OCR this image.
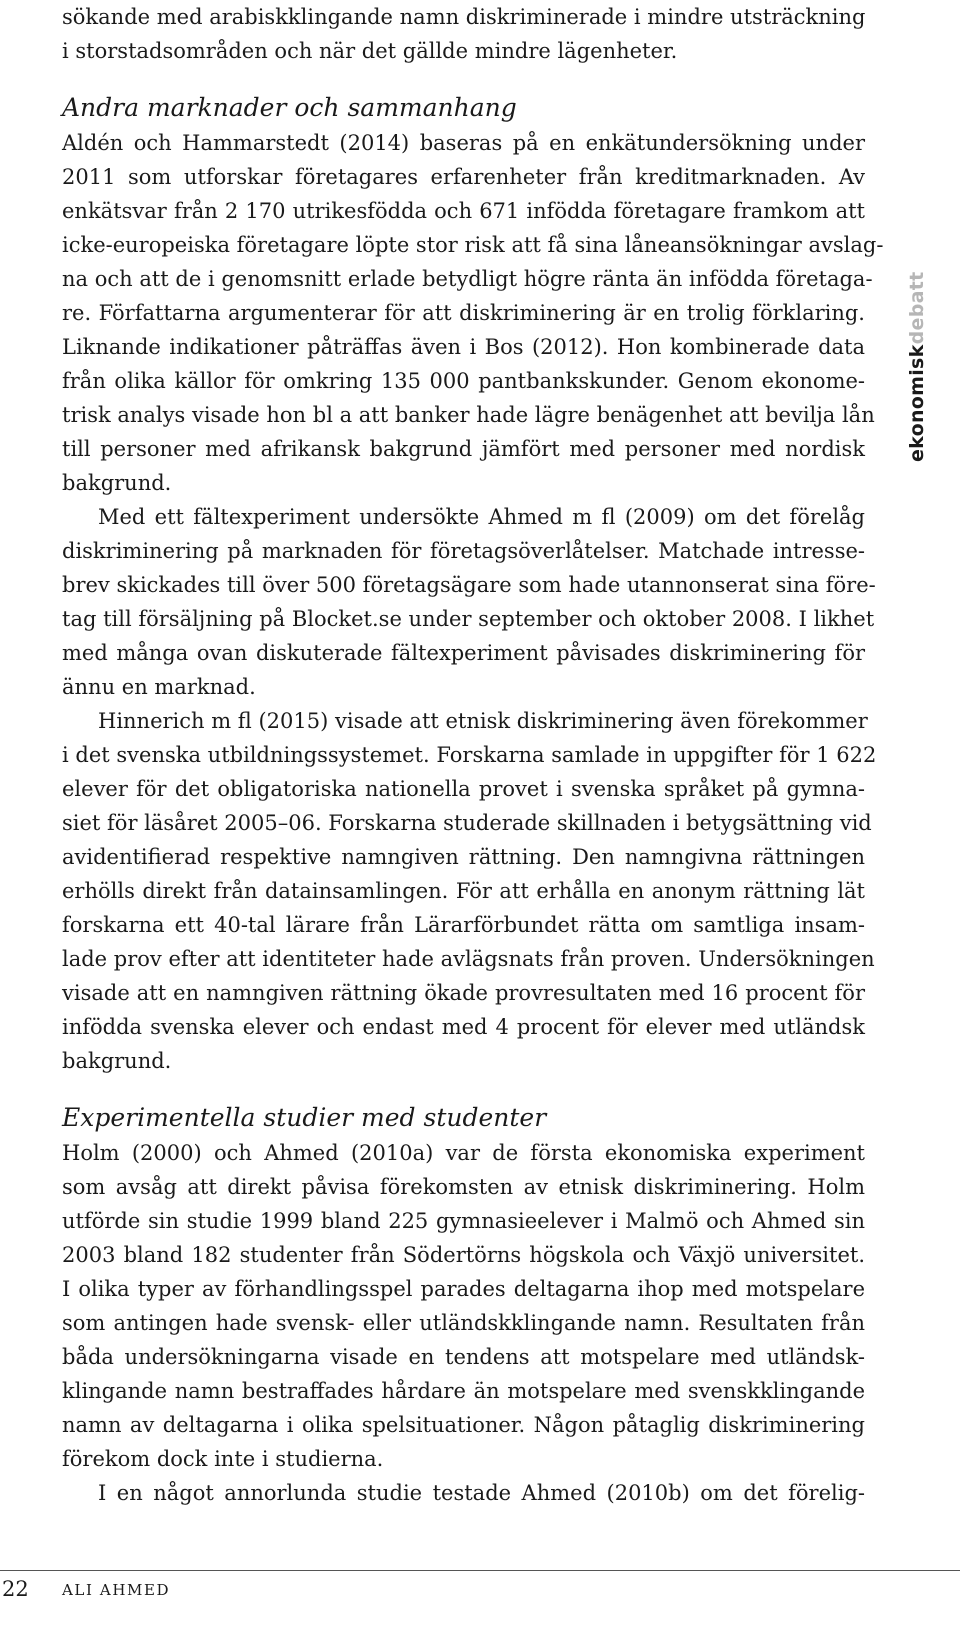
sökande med arabiskklingande namn diskriminerade i mindre utsträckning
i storstadsområden och när det gällde mindre lägenheter.
Andra marknader och sammanhang
Aldén och Hammarstedt (2014) baseras på en enkätundersökning under
2011 som utforskar företagares erfarenheter från kreditmarknaden. Av
enkätsvar från 2 170 utrikesfödda och 671 infödda företagare framkom att
icke-europeiska företagare löpte stor risk att få sina låneansökningar avslag-
na och att de i genomsnitt erlade betydligt högre ränta än infödda företaga-
re. Författarna argumenterar för att diskriminering är en trolig förklaring.
Liknande indikationer påträffas även i Bos (2012). Hon kombinerade data
från olika källor för omkring 135 000 pantbankskunder. Genom ekonome-
trisk analys visade hon bl a att banker hade lägre benägenhet att bevilja lån
till personer med afrikansk bakgrund jämfört med personer med nordisk
bakgrund.
Med ett fältexperiment undersökte Ahmed m fl (2009) om det förelåg
diskriminering på marknaden för företagsöverlåtelser. Matchade intresse-
brev skickades till över 500 företagsägare som hade utannonserat sina före-
tag till försäljning på Blocket.se under september och oktober 2008. I likhet
med många ovan diskuterade fältexperiment påvisades diskriminering för
ännu en marknad.
Hinnerich m fl (2015) visade att etnisk diskriminering även förekommer
i det svenska utbildningssystemet. Forskarna samlade in uppgifter för 1 622
elever för det obligatoriska nationella provet i svenska språket på gymna-
siet för läsåret 2005–06. Forskarna studerade skillnaden i betygsättning vid
avidentifierad respektive namngiven rättning. Den namngivna rättningen
erhölls direkt från datainsamlingen. För att erhålla en anonym rättning lät
forskarna ett 40-tal lärare från Lärarförbundet rätta om samtliga insam-
lade prov efter att identiteter hade avlägsnats från proven. Undersökningen
visade att en namngiven rättning ökade provresultaten med 16 procent för
infödda svenska elever och endast med 4 procent för elever med utländsk
bakgrund.
Experimentella studier med studenter
Holm (2000) och Ahmed (2010a) var de första ekonomiska experiment
som avsåg att direkt påvisa förekomsten av etnisk diskriminering. Holm
utförde sin studie 1999 bland 225 gymnasieelever i Malmö och Ahmed sin
2003 bland 182 studenter från Södertörns högskola och Växjö universitet.
I olika typer av förhandlingsspel parades deltagarna ihop med motspelare
som antingen hade svensk- eller utländskklingande namn. Resultaten från
båda undersökningarna visade en tendens att motspelare med utländsk-
klingande namn bestraffades hårdare än motspelare med svenskklingande
namn av deltagarna i olika spelsituationer. Någon påtaglig diskriminering
förekom dock inte i studierna.
I en något annorlunda studie testade Ahmed (2010b) om det förelig-
ekonomiskdebatt
22 ALI AHMED
